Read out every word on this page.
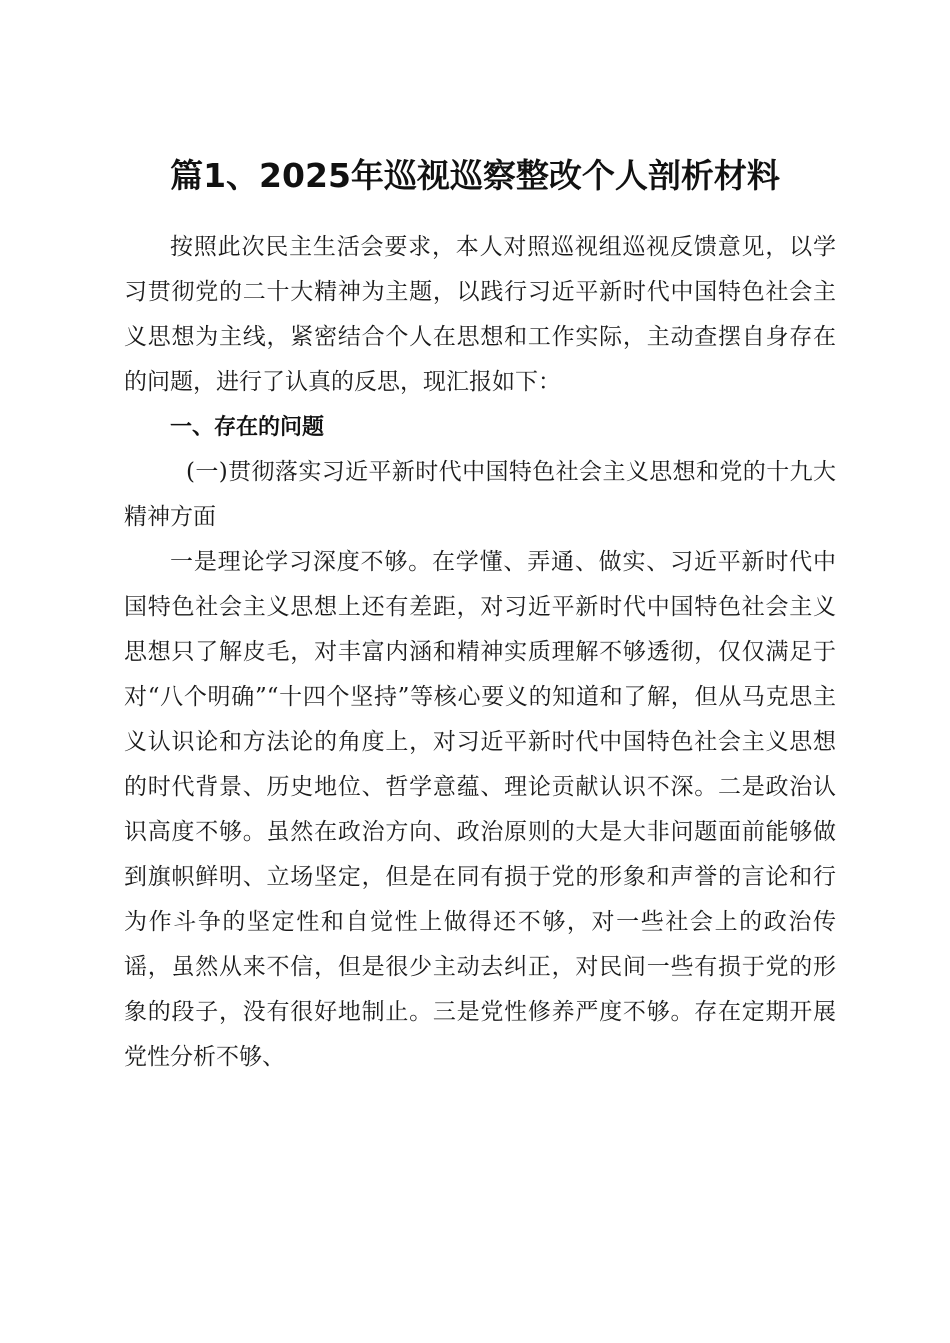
篇1、2025年巡视巡察整改个人剖析材料

按照此次民主生活会要求，本人对照巡视组巡视反馈意见，以学习贯彻党的二十大精神为主题，以践行习近平新时代中国特色社会主义思想为主线，紧密结合个人在思想和工作实际，主动查摆自身存在的问题，进行了认真的反思，现汇报如下：

一、存在的问题

(一)贯彻落实习近平新时代中国特色社会主义思想和党的十九大精神方面

一是理论学习深度不够。在学懂、弄通、做实、习近平新时代中国特色社会主义思想上还有差距，对习近平新时代中国特色社会主义思想只了解皮毛，对丰富内涵和精神实质理解不够透彻，仅仅满足于对“八个明确”“十四个坚持”等核心要义的知道和了解，但从马克思主义认识论和方法论的角度上，对习近平新时代中国特色社会主义思想的时代背景、历史地位、哲学意蕴、理论贡献认识不深。二是政治认识高度不够。虽然在政治方向、政治原则的大是大非问题面前能够做到旗帜鲜明、立场坚定，但是在同有损于党的形象和声誉的言论和行为作斗争的坚定性和自觉性上做得还不够，对一些社会上的政治传谣，虽然从来不信，但是很少主动去纠正，对民间一些有损于党的形象的段子，没有很好地制止。三是党性修养严度不够。存在定期开展党性分析不够、
